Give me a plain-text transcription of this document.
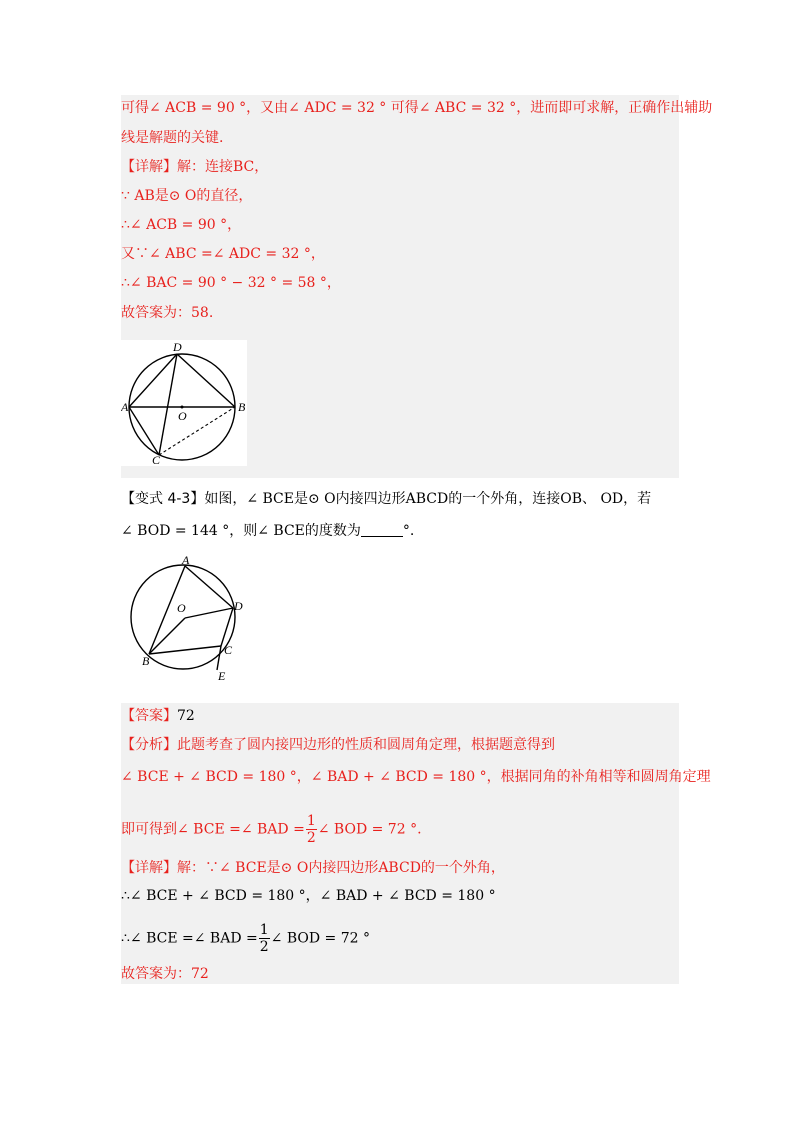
可得∠ ACB = 90 °，又由∠ ADC = 32 ° 可得∠ ABC = 32 °，进而即可求解，正确作出辅助
线是解题的关键.
【详解】解：连接BC，
∵ AB是⊙ O的直径，
∴∠ ACB = 90 °，
又∵∠ ABC =∠ ADC = 32 °，
∴∠ BAC = 90 ° − 32 ° = 58 °，
故答案为：58.
D
A
O
B
C
【变式 4-3】如图，∠ BCE是⊙ O内接四边形ABCD的一个外角，连接OB、 OD，若
∠ BOD = 144 °，则∠ BCE的度数为	°.
A
O	D
B
C
E
【答案】72
【分析】此题考查了圆内接四边形的性质和圆周角定理，根据题意得到
∠ BCE + ∠ BCD = 180 °，∠ BAD + ∠ BCD = 180 °，根据同角的补角相等和圆周角定理
即可得到∠ BCE =∠ BAD = $\frac{1}{2}$ ∠ BOD = 72 °.
【详解】解：∵∠ BCE是⊙ O内接四边形ABCD的一个外角，
∴∠ BCE + ∠ BCD = 180 °，∠ BAD + ∠ BCD = 180 °
∴∠ BCE =∠ BAD = $\frac{1}{2}$ ∠ BOD = 72 °
故答案为：72
